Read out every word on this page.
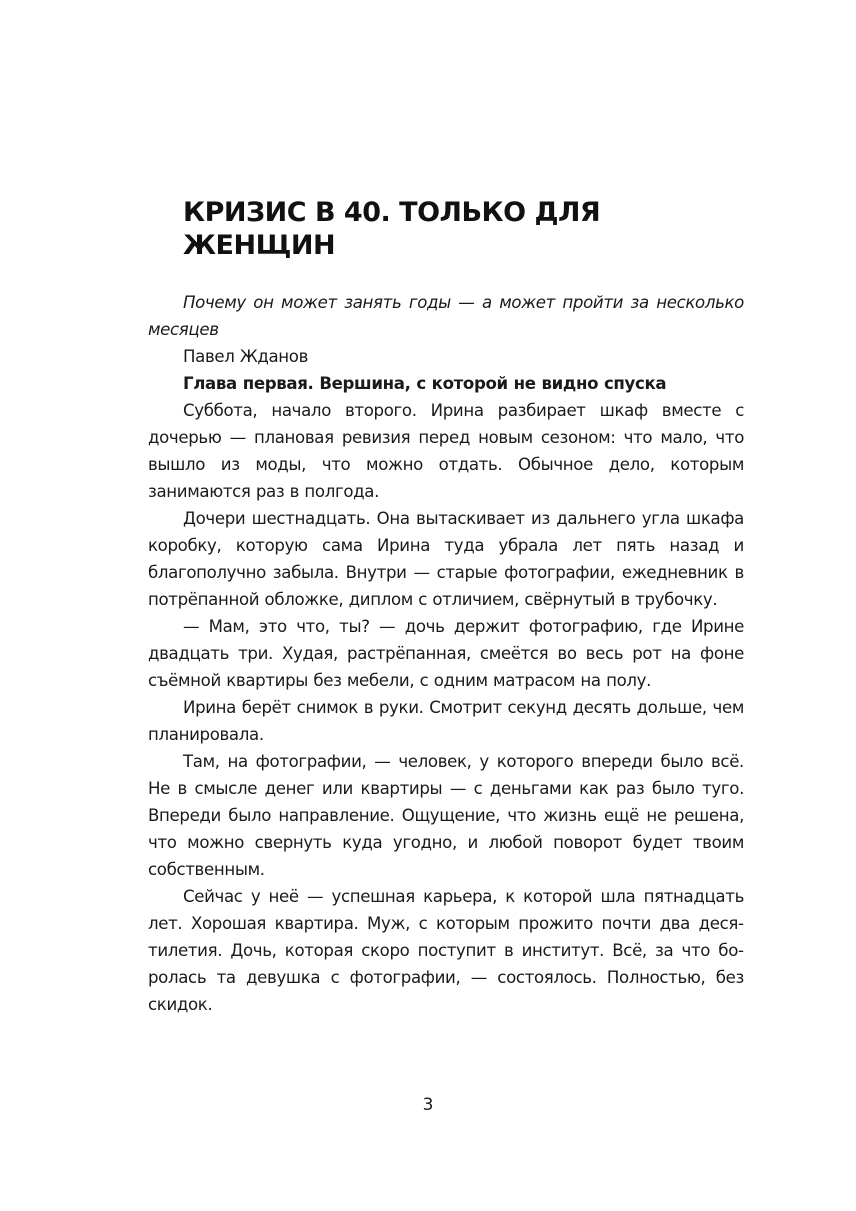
КРИЗИС В 40. ТОЛЬКО ДЛЯ ЖЕНЩИН

Почему он может занять годы — а может пройти за несколько месяцев

Павел Жданов

Глава первая. Вершина, с которой не видно спуска

Суббота, начало второго. Ирина разбирает шкаф вместе с дочерью — плановая ревизия перед новым сезоном: что мало, что вышло из моды, что можно отдать. Обычное дело, которым занимаются раз в полгода.

Дочери шестнадцать. Она вытаскивает из дальнего угла шкафа коробку, которую сама Ирина туда убрала лет пять назад и благополучно забыла. Внутри — старые фотографии, ежедневник в потрёпанной обложке, диплом с отличием, свёрнутый в трубочку.

— Мам, это что, ты? — дочь держит фотографию, где Ирине двадцать три. Худая, растрёпанная, смеётся во весь рот на фоне съёмной квартиры без мебели, с одним матрасом на полу.

Ирина берёт снимок в руки. Смотрит секунд десять дольше, чем планировала.

Там, на фотографии, — человек, у которого впереди было всё. Не в смысле денег или квартиры — с деньгами как раз было туго. Впереди было направление. Ощущение, что жизнь ещё не решена, что можно свернуть куда угодно, и любой поворот будет твоим собственным.

Сейчас у неё — успешная карьера, к которой шла пятнадцать лет. Хорошая квартира. Муж, с которым прожито почти два десятилетия. Дочь, которая скоро поступит в институт. Всё, за что боролась та девушка с фотографии, — состоялось. Полностью, без скидок.

3
